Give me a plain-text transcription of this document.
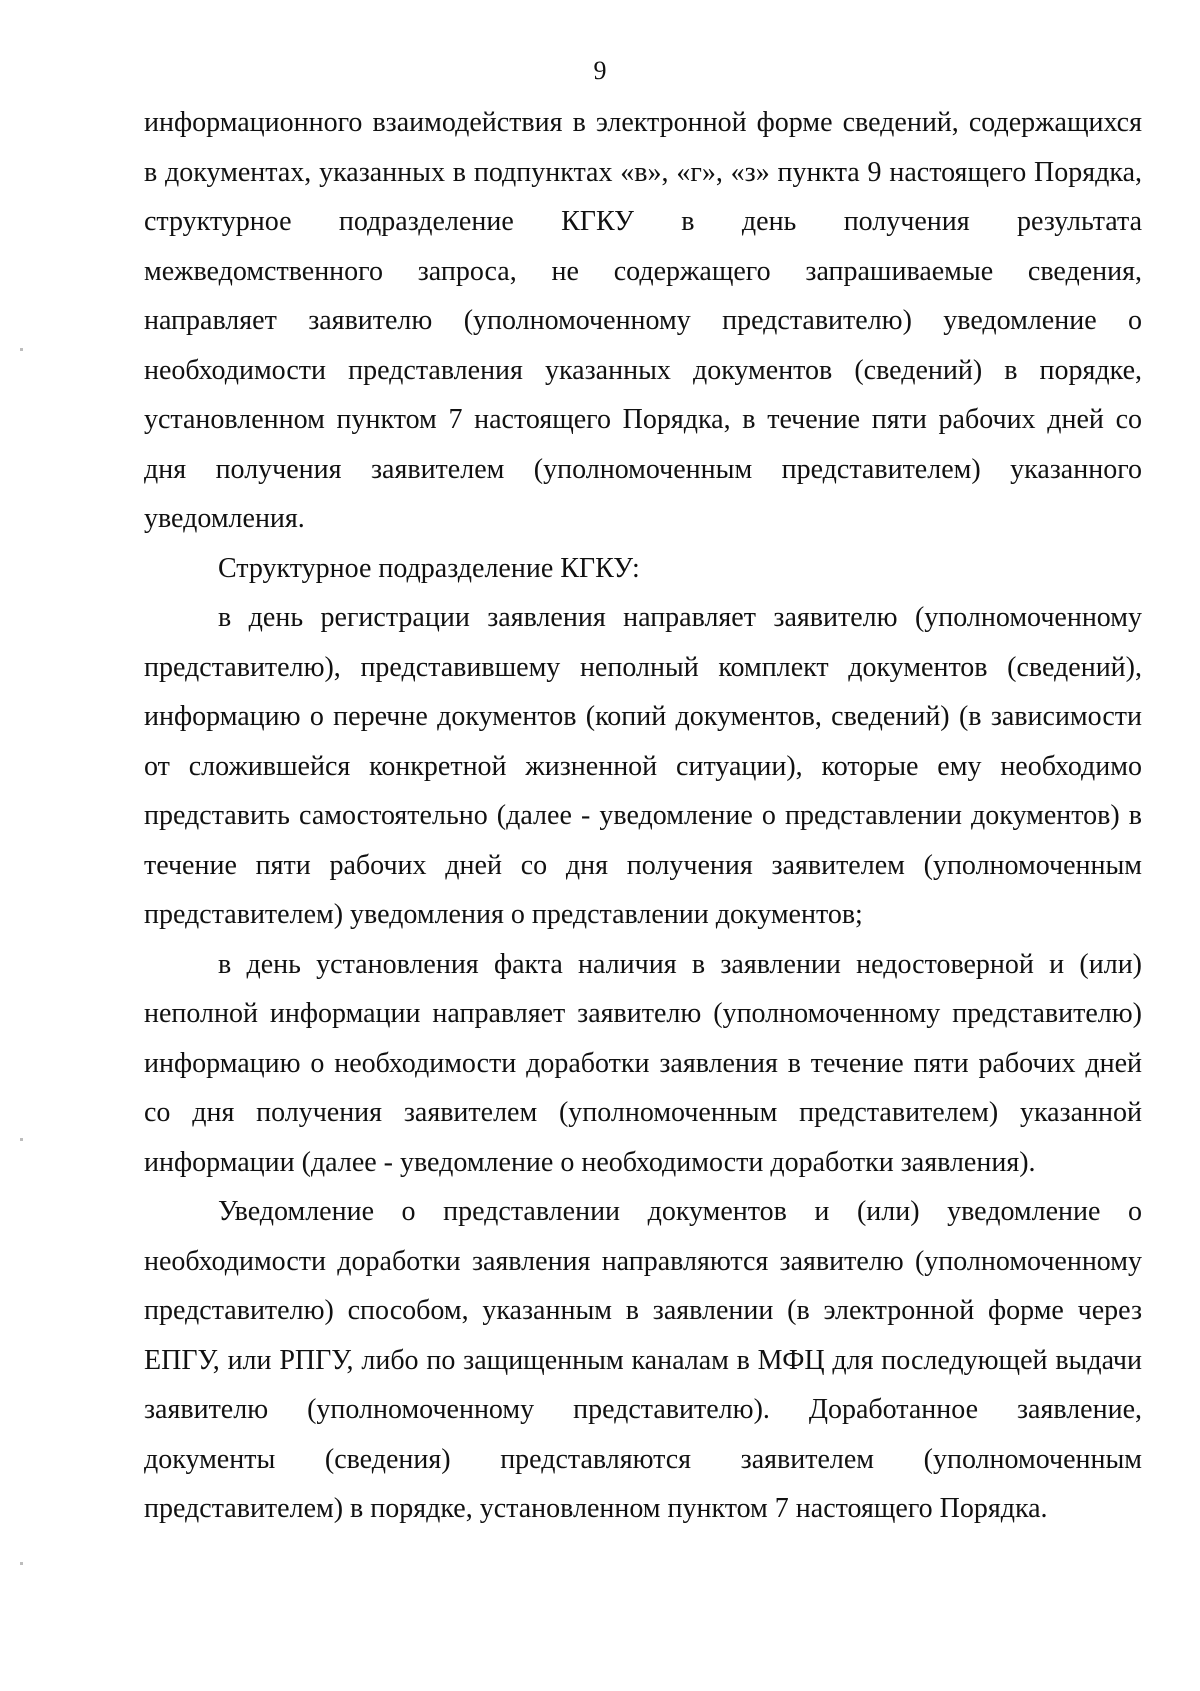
9

информационного взаимодействия в электронной форме сведений, содержащихся в документах, указанных в подпунктах «в», «г», «з» пункта 9 настоящего Порядка, структурное подразделение КГКУ в день получения результата межведомственного запроса, не содержащего запрашиваемые сведения, направляет заявителю (уполномоченному представителю) уведомление о необходимости представления указанных документов (сведений) в порядке, установленном пунктом 7 настоящего Порядка, в течение пяти рабочих дней со дня получения заявителем (уполномоченным представителем) указанного уведомления.

Структурное подразделение КГКУ:

в день регистрации заявления направляет заявителю (уполномоченному представителю), представившему неполный комплект документов (сведений), информацию о перечне документов (копий документов, сведений) (в зависимости от сложившейся конкретной жизненной ситуации), которые ему необходимо представить самостоятельно (далее - уведомление о представлении документов) в течение пяти рабочих дней со дня получения заявителем (уполномоченным представителем) уведомления о представлении документов;

в день установления факта наличия в заявлении недостоверной и (или) неполной информации направляет заявителю (уполномоченному представителю) информацию о необходимости доработки заявления в течение пяти рабочих дней со дня получения заявителем (уполномоченным представителем) указанной информации (далее - уведомление о необходимости доработки заявления).

Уведомление о представлении документов и (или) уведомление о необходимости доработки заявления направляются заявителю (уполномоченному представителю) способом, указанным в заявлении (в электронной форме через ЕПГУ, или РПГУ, либо по защищенным каналам в МФЦ для последующей выдачи заявителю (уполномоченному представителю). Доработанное заявление, документы (сведения) представляются заявителем (уполномоченным представителем) в порядке, установленном пунктом 7 настоящего Порядка.
